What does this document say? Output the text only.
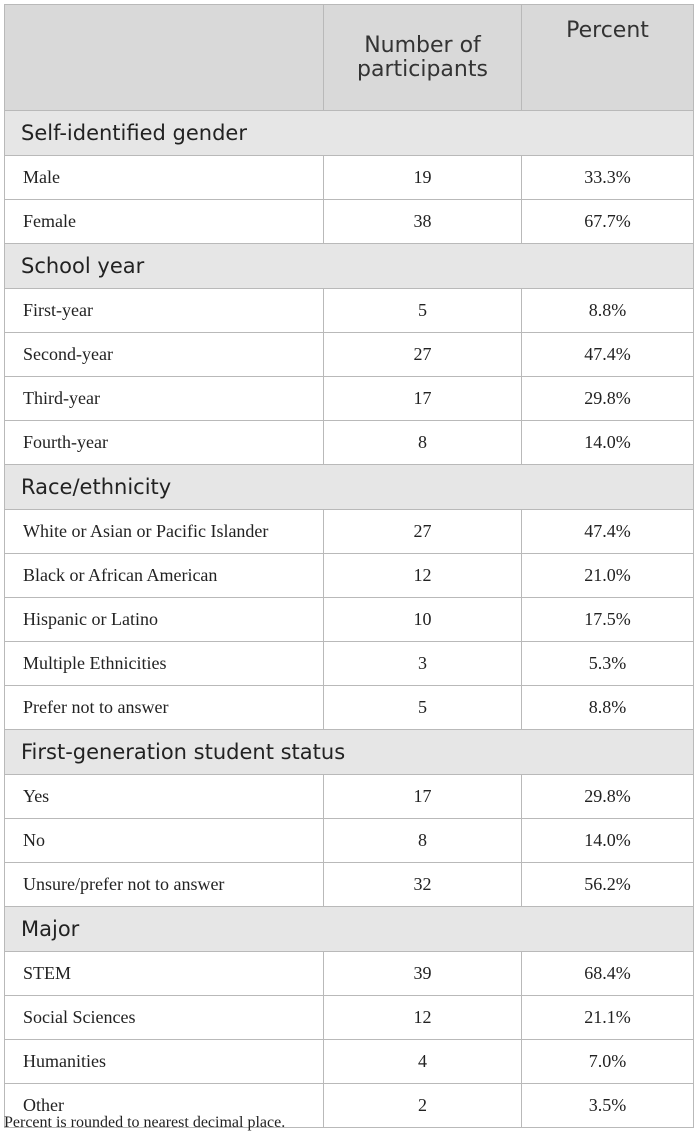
	Number of participants	Percent
Self-identified gender		
Male	19	33.3%
Female	38	67.7%
School year		
First-year	5	8.8%
Second-year	27	47.4%
Third-year	17	29.8%
Fourth-year	8	14.0%
Race/ethnicity		
White or Asian or Pacific Islander	27	47.4%
Black or African American	12	21.0%
Hispanic or Latino	10	17.5%
Multiple Ethnicities	3	5.3%
Prefer not to answer	5	8.8%
First-generation student status		
Yes	17	29.8%
No	8	14.0%
Unsure/prefer not to answer	32	56.2%
Major		
STEM	39	68.4%
Social Sciences	12	21.1%
Humanities	4	7.0%
Other	2	3.5%
Percent is rounded to nearest decimal place.
